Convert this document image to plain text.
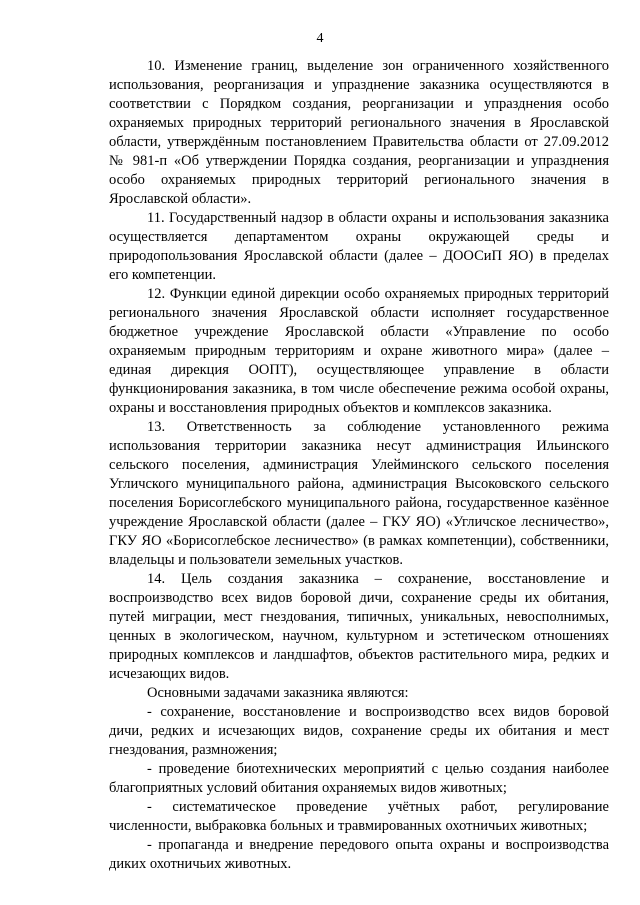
4

10. Изменение границ, выделение зон ограниченного хозяйственного использования, реорганизация и упразднение заказника осуществляются в соответствии с Порядком создания, реорганизации и упразднения особо охраняемых природных территорий регионального значения в Ярославской области, утверждённым постановлением Правительства области от 27.09.2012 № 981-п «Об утверждении Порядка создания, реорганизации и упразднения особо охраняемых природных территорий регионального значения в Ярославской области».

11. Государственный надзор в области охраны и использования заказника осуществляется департаментом охраны окружающей среды и природопользования Ярославской области (далее – ДООСиП ЯО) в пределах его компетенции.

12. Функции единой дирекции особо охраняемых природных территорий регионального значения Ярославской области исполняет государственное бюджетное учреждение Ярославской области «Управление по особо охраняемым природным территориям и охране животного мира» (далее – единая дирекция ООПТ), осуществляющее управление в области функционирования заказника, в том числе обеспечение режима особой охраны, охраны и восстановления природных объектов и комплексов заказника.

13. Ответственность за соблюдение установленного режима использования территории заказника несут администрация Ильинского сельского поселения, администрация Улейминского сельского поселения Угличского муниципального района, администрация Высоковского сельского поселения Борисоглебского муниципального района, государственное казённое учреждение Ярославской области (далее – ГКУ ЯО) «Угличское лесничество», ГКУ ЯО «Борисоглебское лесничество» (в рамках компетенции), собственники, владельцы и пользователи земельных участков.

14. Цель создания заказника – сохранение, восстановление и воспроизводство всех видов боровой дичи, сохранение среды их обитания, путей миграции, мест гнездования, типичных, уникальных, невосполнимых, ценных в экологическом, научном, культурном и эстетическом отношениях природных комплексов и ландшафтов, объектов растительного мира, редких и исчезающих видов.

Основными задачами заказника являются:

- сохранение, восстановление и воспроизводство всех видов боровой дичи, редких и исчезающих видов, сохранение среды их обитания и мест гнездования, размножения;

- проведение биотехнических мероприятий с целью создания наиболее благоприятных условий обитания охраняемых видов животных;

- систематическое проведение учётных работ, регулирование численности, выбраковка больных и травмированных охотничьих животных;

- пропаганда и внедрение передового опыта охраны и воспроизводства диких охотничьих животных.
